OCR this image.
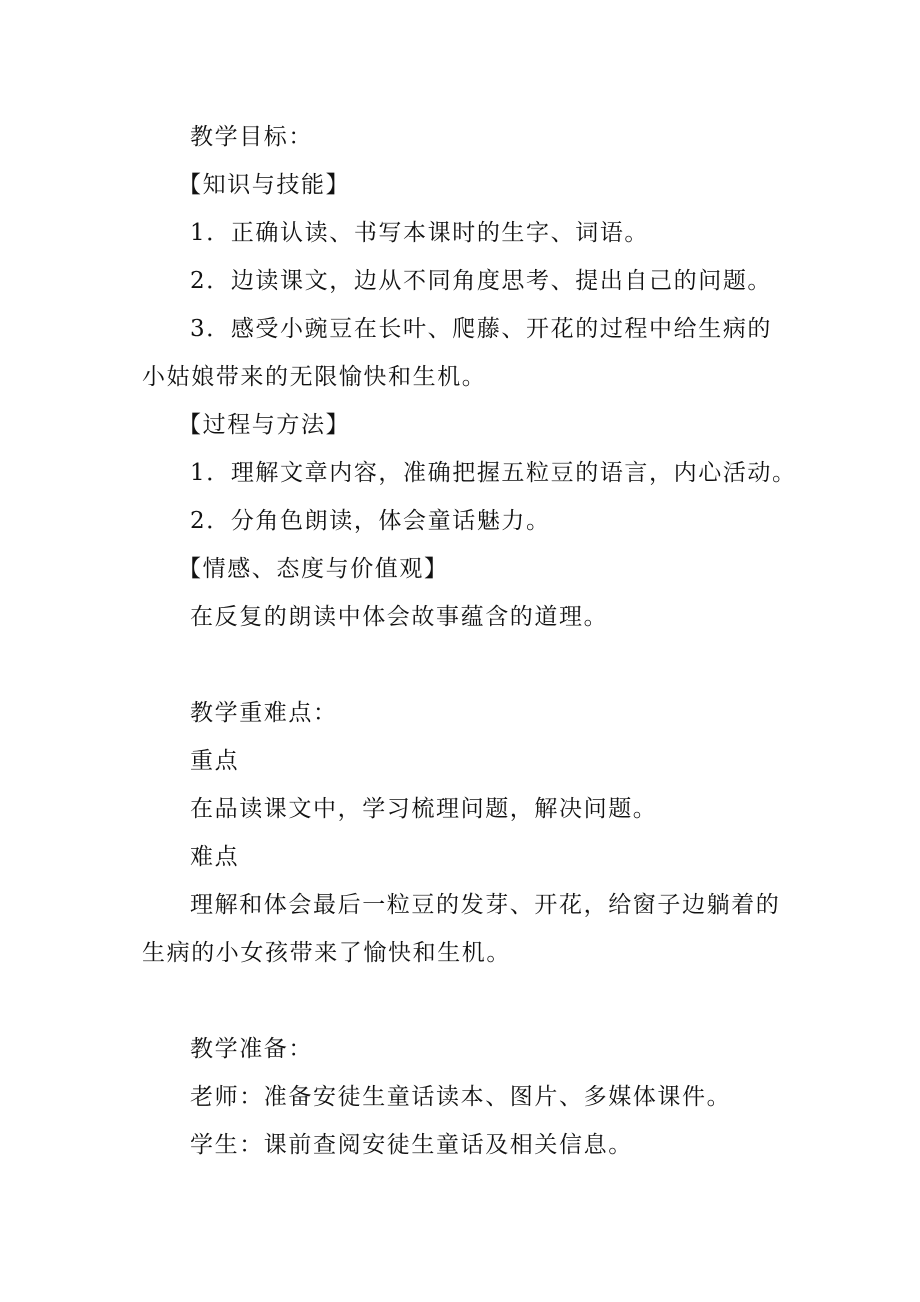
教学目标：
【知识与技能】
1．正确认读、书写本课时的生字、词语。
2．边读课文，边从不同角度思考、提出自己的问题。
3．感受小豌豆在长叶、爬藤、开花的过程中给生病的
小姑娘带来的无限愉快和生机。
【过程与方法】
1．理解文章内容，准确把握五粒豆的语言，内心活动。
2．分角色朗读，体会童话魅力。
【情感、态度与价值观】
在反复的朗读中体会故事蕴含的道理。
教学重难点：
重点
在品读课文中，学习梳理问题，解决问题。
难点
理解和体会最后一粒豆的发芽、开花，给窗子边躺着的
生病的小女孩带来了愉快和生机。
教学准备：
老师：准备安徒生童话读本、图片、多媒体课件。
学生：课前查阅安徒生童话及相关信息。
